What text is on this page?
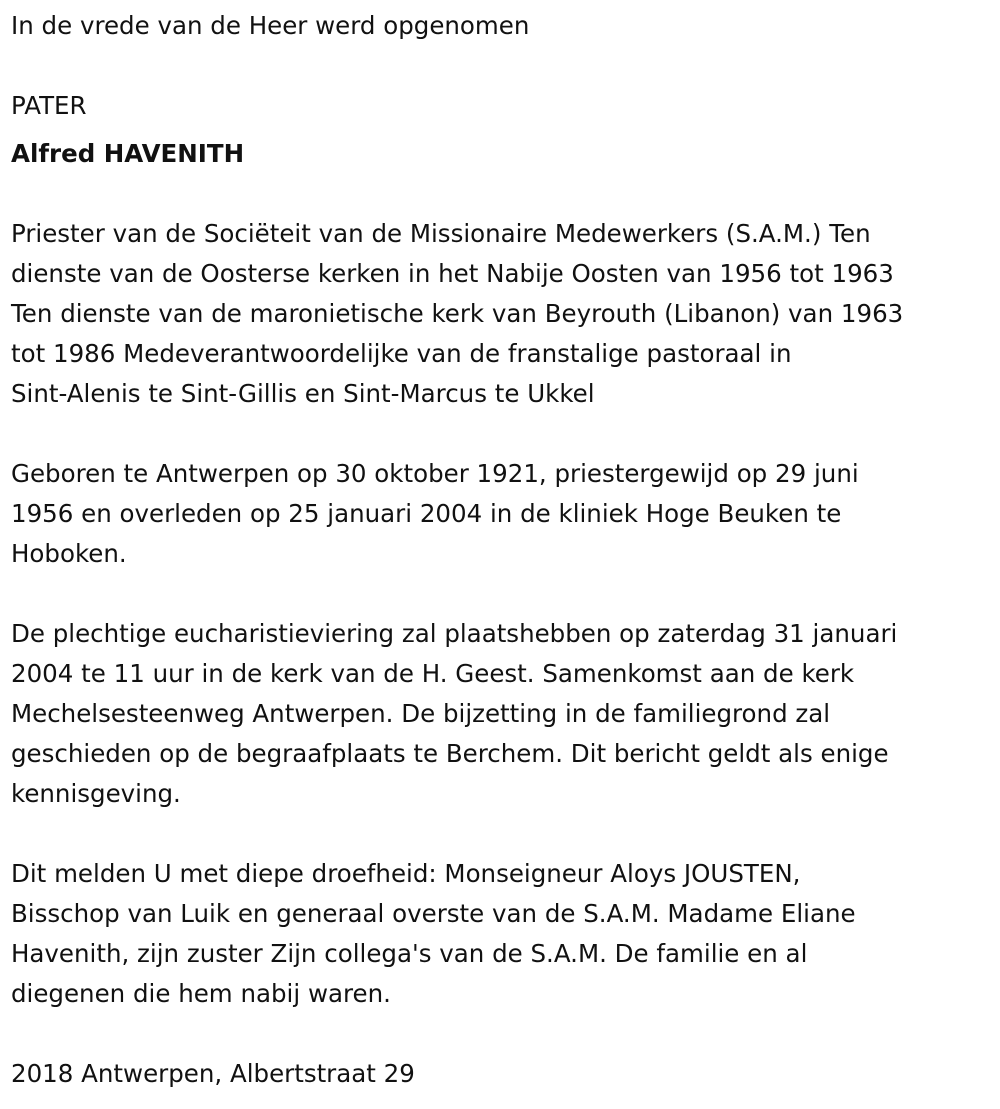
In de vrede van de Heer werd opgenomen

PATER

Alfred HAVENITH

Priester van de Sociëteit van de Missionaire Medewerkers (S.A.M.) Ten
dienste van de Oosterse kerken in het Nabije Oosten van 1956 tot 1963
Ten dienste van de maronietische kerk van Beyrouth (Libanon) van 1963
tot 1986 Medeverantwoordelijke van de franstalige pastoraal in
Sint-Alenis te Sint-Gillis en Sint-Marcus te Ukkel
Geboren te Antwerpen op 30 oktober 1921, priestergewijd op 29 juni
1956 en overleden op 25 januari 2004 in de kliniek Hoge Beuken te
Hoboken.
De plechtige eucharistieviering zal plaatshebben op zaterdag 31 januari
2004 te 11 uur in de kerk van de H. Geest. Samenkomst aan de kerk
Mechelsesteenweg Antwerpen. De bijzetting in de familiegrond zal
geschieden op de begraafplaats te Berchem. Dit bericht geldt als enige
kennisgeving.
Dit melden U met diepe droefheid: Monseigneur Aloys JOUSTEN,
Bisschop van Luik en generaal overste van de S.A.M. Madame Eliane
Havenith, zijn zuster Zijn collega's van de S.A.M. De familie en al
diegenen die hem nabij waren.

2018 Antwerpen, Albertstraat 29
